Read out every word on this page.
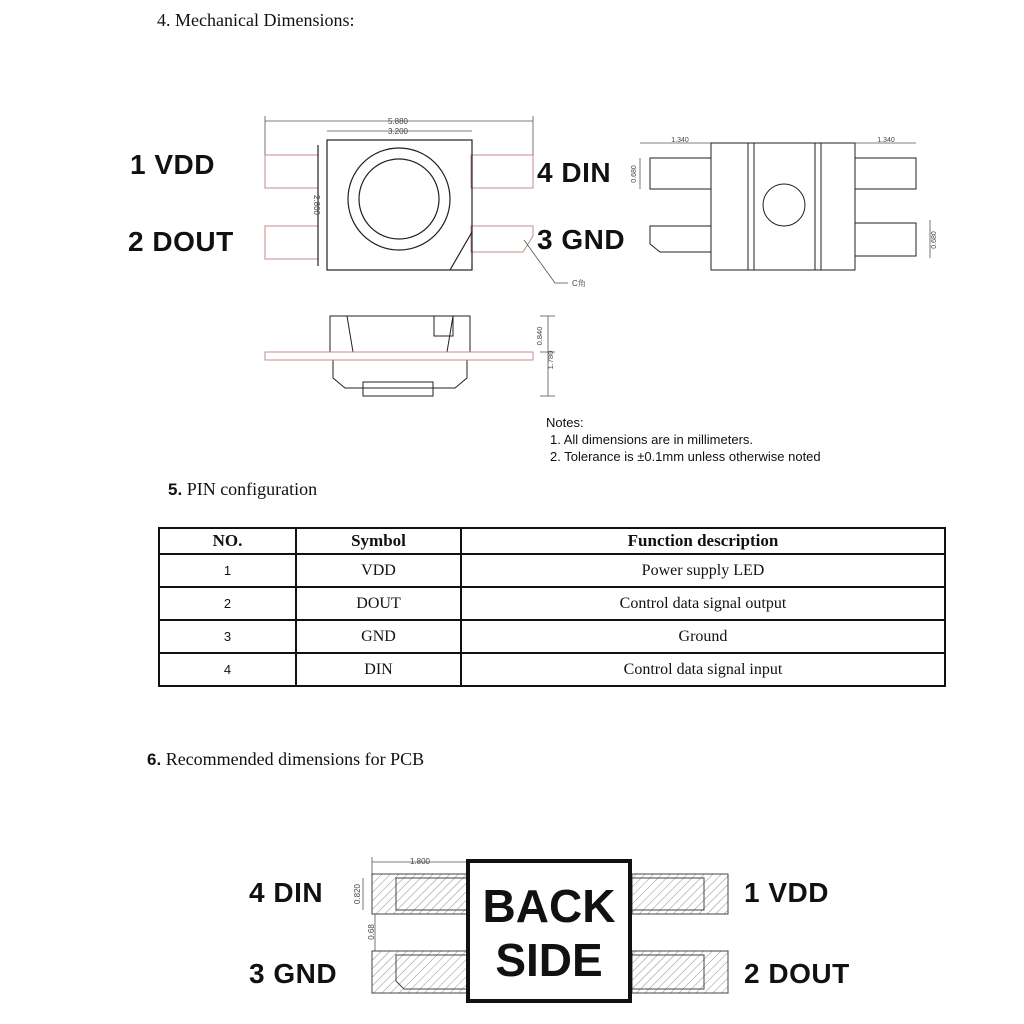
4. Mechanical Dimensions:
5.880
3.200
2.800
C角
1.340	1.340
0.680
0.680
0.840
1.780
1 VDD
2 DOUT
4 DIN
3 GND
Notes:
1. All dimensions are in millimeters.
2. Tolerance is ±0.1mm unless otherwise noted
5. PIN configuration
NO.	Symbol	Function description
1	VDD	Power supply LED
2	DOUT	Control data signal output
3	GND	Ground
4	DIN	Control data signal input
6. Recommended dimensions for PCB
1.800
0.820
0.68 BACK
SIDE
4 DIN
3 GND
1 VDD
2 DOUT
